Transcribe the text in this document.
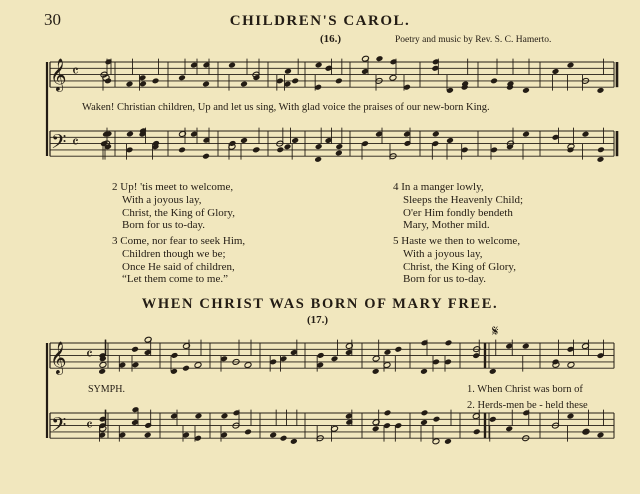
30	CHILDREN'S CAROL.
(16.)	Poetry and music by Rev. S. C. Hamerto.
Waken! Christian children, Up and let us sing, With glad voice the praises of our new-born King.
2 Up! 'tis meet to welcome,
With a joyous lay,
Christ, the King of Glory,
Born for us to-day.
3 Come, nor fear to seek Him,
Children though we be;
Once He said of children,
“Let them come to me.”
4 In a manger lowly,
Sleeps the Heavenly Child;
O'er Him fondly bendeth
Mary, Mother mild.
5 Haste we then to welcome,
With a joyous lay,
Christ, the King of Glory,
Born for us to-day.
WHEN CHRIST WAS BORN OF MARY FREE.
(17.)
SYMPH.	1. When Christ was born of
2. Herds-men be - held these
𝄞
𝄢
𝄴
𝄴
𝄞
𝄢
𝄴
𝄴
𝄋
